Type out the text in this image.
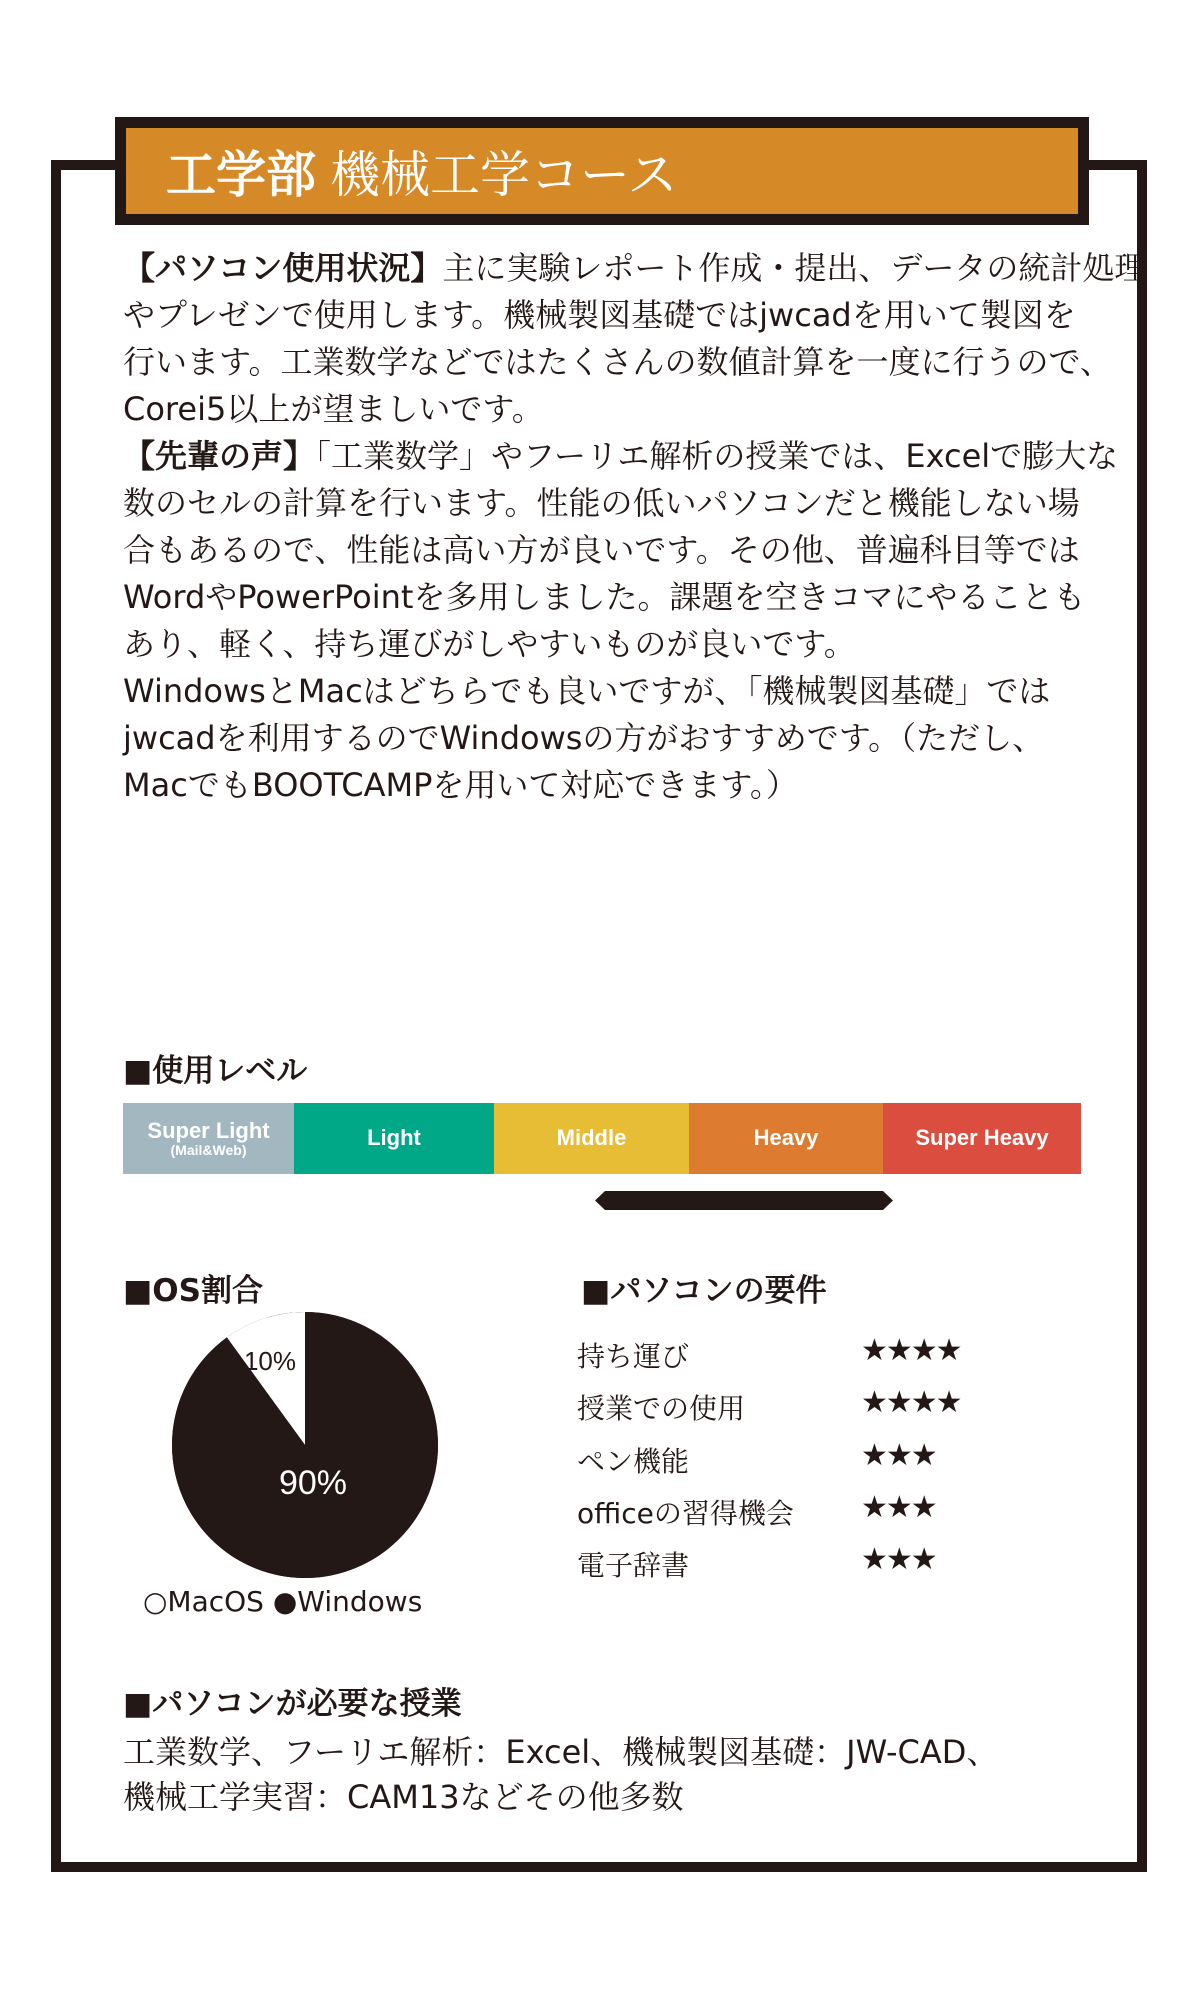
工学部 機械工学コース
【パソコン使用状況】主に実験レポート作成・提出、データの統計処理
やプレゼンで使用します。機械製図基礎ではjwcadを用いて製図を
行います。工業数学などではたくさんの数値計算を一度に行うので、
Corei5以上が望ましいです。
【先輩の声】「工業数学」やフーリエ解析の授業では、Excelで膨大な
数のセルの計算を行います。性能の低いパソコンだと機能しない場
合もあるので、性能は高い方が良いです。その他、普遍科目等では
WordやPowerPointを多用しました。課題を空きコマにやることも
あり、軽く、持ち運びがしやすいものが良いです。
WindowsとMacはどちらでも良いですが、「機械製図基礎」では
jwcadを利用するのでWindowsの方がおすすめです。（ただし、
MacでもBOOTCAMPを用いて対応できます。）
■使用レベル
Super Light
(Mail&Web)	Light	Middle	Heavy	Super Heavy
■OS割合
10%
90%
○MacOS ●Windows
■パソコンの要件
持ち運び	★★★★
授業での使用	★★★★
ペン機能	★★★
officeの習得機会 ★★★
電子辞書	★★★
■パソコンが必要な授業
工業数学、フーリエ解析：Excel、機械製図基礎：JW-CAD、
機械工学実習：CAM13などその他多数
